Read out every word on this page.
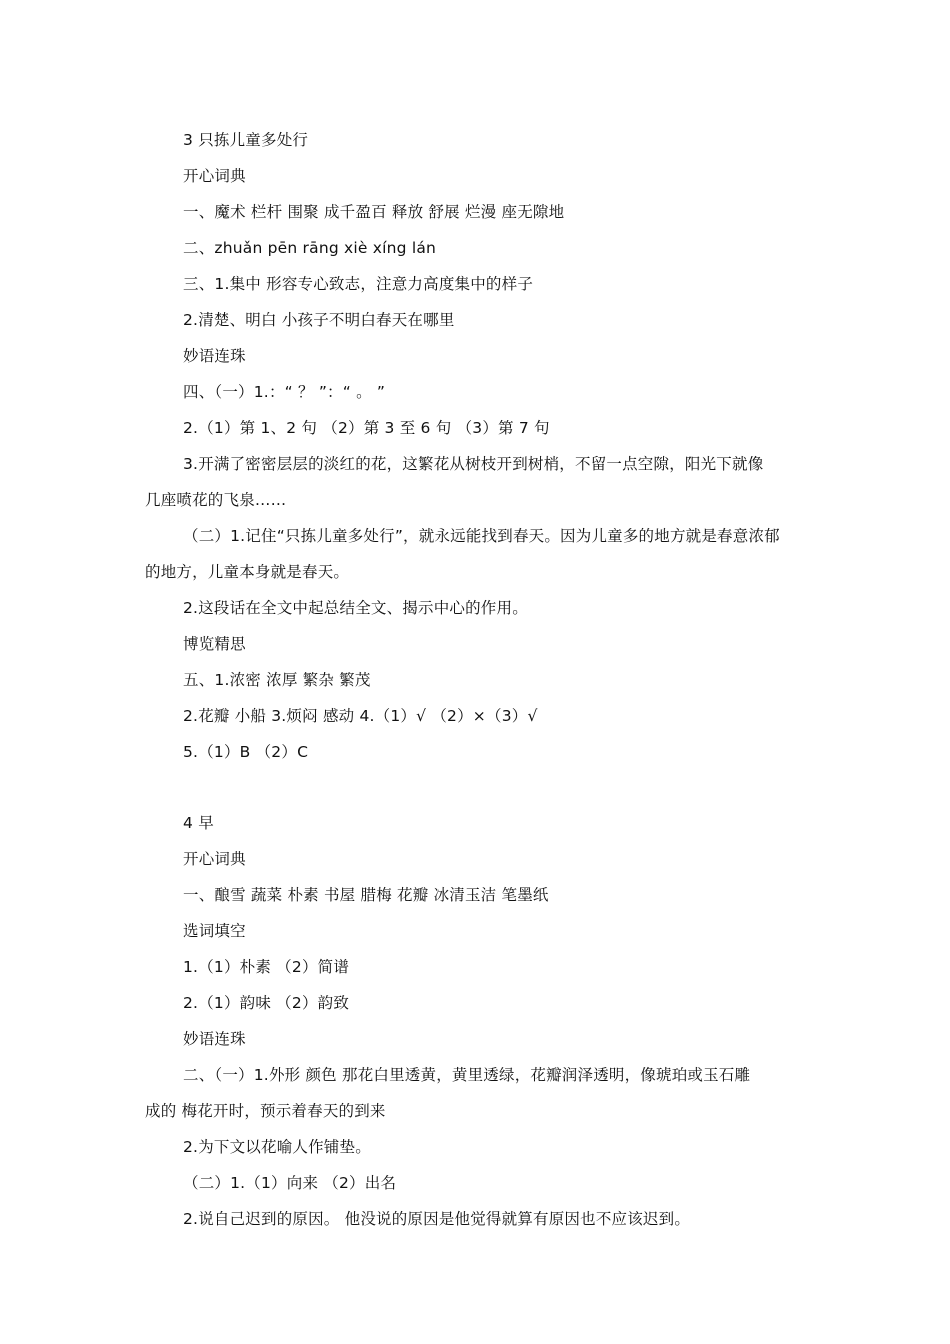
3 只拣儿童多处行
开心词典
一、魔术 栏杆 围聚 成千盈百 释放 舒展 烂漫 座无隙地
二、zhuǎn pēn rāng xiè xíng lán
三、1.集中 形容专心致志，注意力高度集中的样子
2.清楚、明白 小孩子不明白春天在哪里
妙语连珠
四、（一）1.：“ ？ ”：“ 。 ”
2.（1）第 1、2 句 （2）第 3 至 6 句 （3）第 7 句
3.开满了密密层层的淡红的花，这繁花从树枝开到树梢，不留一点空隙，阳光下就像
几座喷花的飞泉……
（二）1.记住“只拣儿童多处行”，就永远能找到春天。因为儿童多的地方就是春意浓郁
的地方，儿童本身就是春天。
2.这段话在全文中起总结全文、揭示中心的作用。
博览精思
五、1.浓密 浓厚 繁杂 繁茂
2.花瓣 小船 3.烦闷 感动 4.（1）√ （2）×（3）√
5.（1）B （2）C
4 早
开心词典
一、酿雪 蔬菜 朴素 书屋 腊梅 花瓣 冰清玉洁 笔墨纸
选词填空
1.（1）朴素 （2）简谱
2.（1）韵味 （2）韵致
妙语连珠
二、（一）1.外形 颜色 那花白里透黄，黄里透绿，花瓣润泽透明，像琥珀或玉石雕
成的 梅花开时，预示着春天的到来
2.为下文以花喻人作铺垫。
（二）1.（1）向来 （2）出名
2.说自己迟到的原因。 他没说的原因是他觉得就算有原因也不应该迟到。
